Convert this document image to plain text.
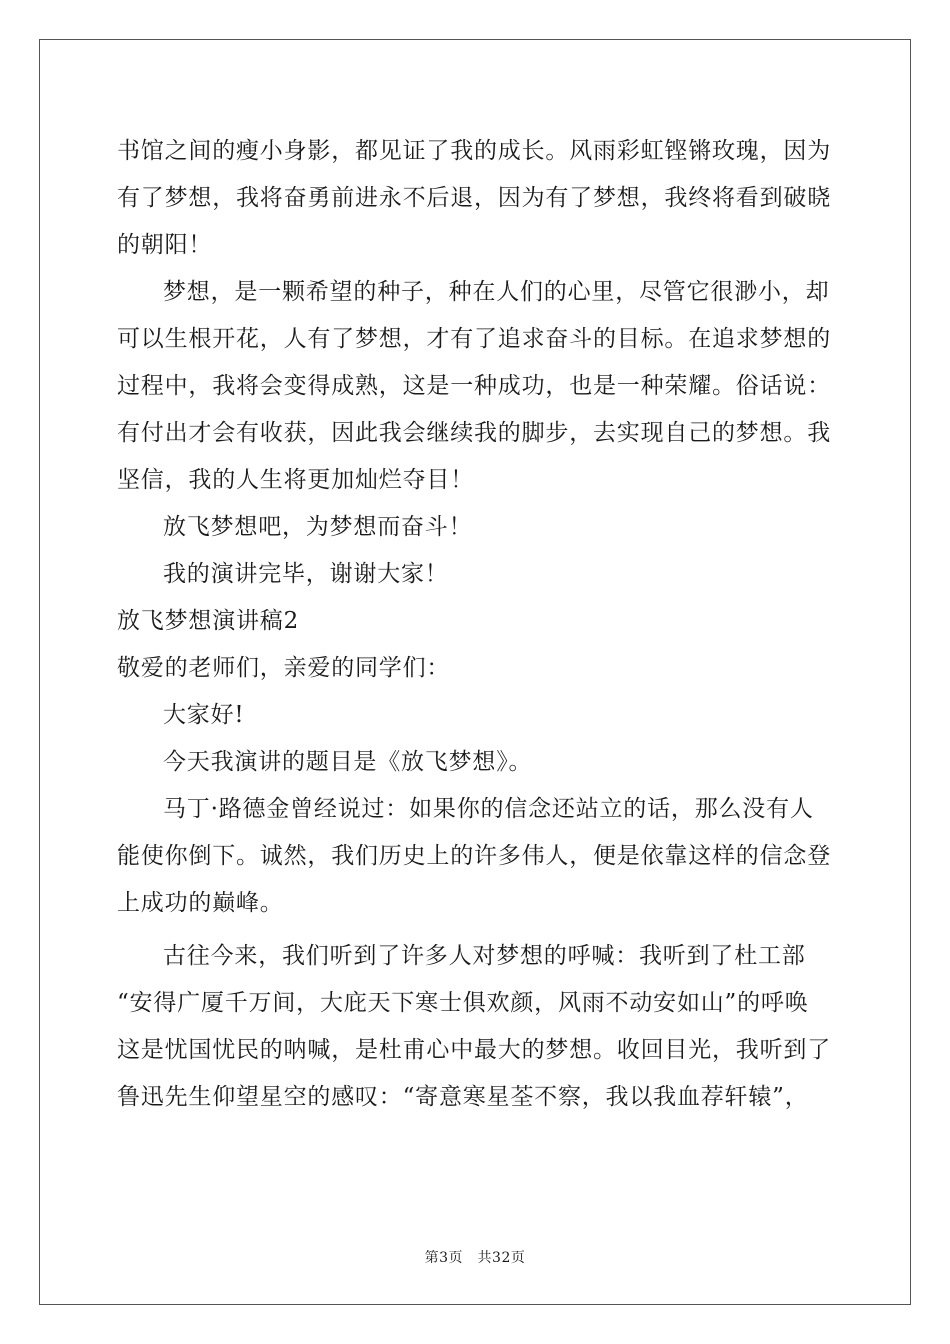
书馆之间的瘦小身影，都见证了我的成长。风雨彩虹铿锵玫瑰，因为
有了梦想，我将奋勇前进永不后退，因为有了梦想，我终将看到破晓
的朝阳！
梦想，是一颗希望的种子，种在人们的心里，尽管它很渺小，却
可以生根开花，人有了梦想，才有了追求奋斗的目标。在追求梦想的
过程中，我将会变得成熟，这是一种成功，也是一种荣耀。俗话说：
有付出才会有收获，因此我会继续我的脚步，去实现自己的梦想。我
坚信，我的人生将更加灿烂夺目！
放飞梦想吧，为梦想而奋斗！
我的演讲完毕，谢谢大家！
放飞梦想演讲稿2
敬爱的老师们，亲爱的同学们：
大家好!
今天我演讲的题目是《放飞梦想》。
马丁·路德金曾经说过：如果你的信念还站立的话，那么没有人
能使你倒下。诚然，我们历史上的许多伟人，便是依靠这样的信念登
上成功的巅峰。
古往今来，我们听到了许多人对梦想的呼喊：我听到了杜工部
“安得广厦千万间，大庇天下寒士俱欢颜，风雨不动安如山”的呼唤
这是忧国忧民的呐喊，是杜甫心中最大的梦想。收回目光，我听到了
鲁迅先生仰望星空的感叹：“寄意寒星荃不察，我以我血荐轩辕”，
第3页　共32页
